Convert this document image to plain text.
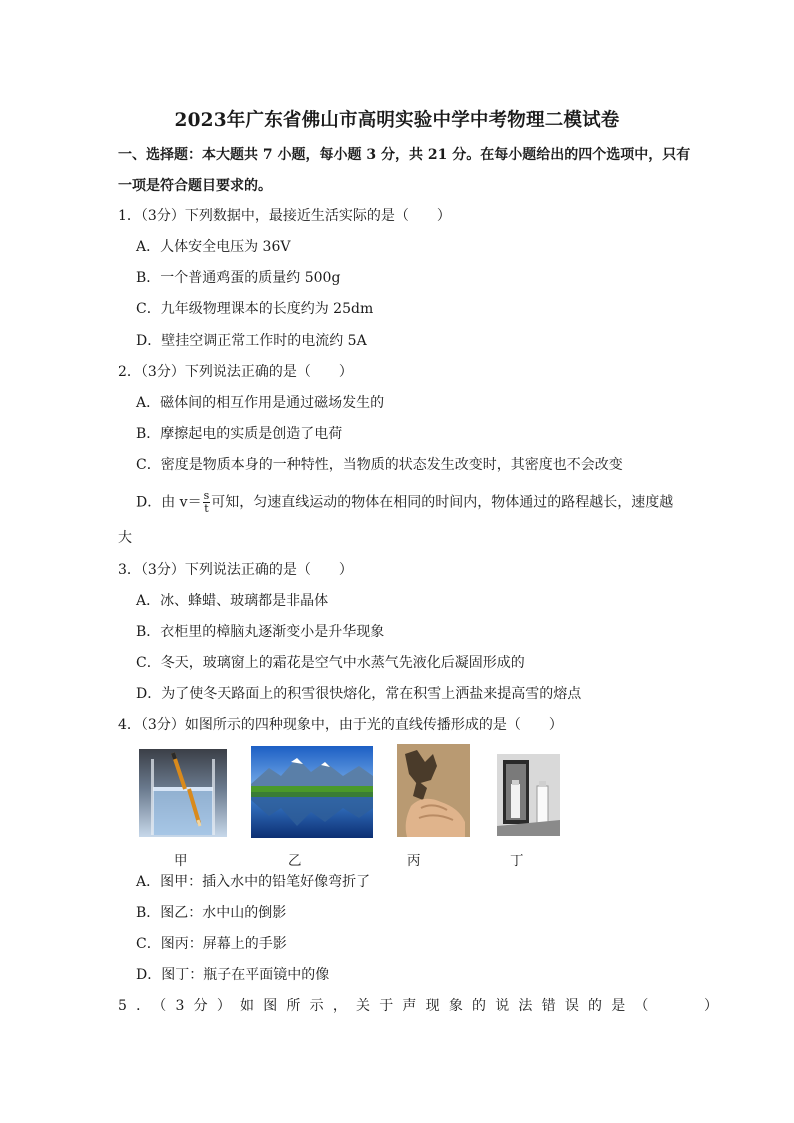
2023年广东省佛山市高明实验中学中考物理二模试卷
一、选择题：本大题共 7 小题，每小题 3 分，共 21 分。在每小题给出的四个选项中，只有
一项是符合题目要求的。
1．（3分）下列数据中，最接近生活实际的是（　　）
A．人体安全电压为 36V
B．一个普通鸡蛋的质量约 500g
C．九年级物理课本的长度约为 25dm
D．壁挂空调正常工作时的电流约 5A
2．（3分）下列说法正确的是（　　）
A．磁体间的相互作用是通过磁场发生的
B．摩擦起电的实质是创造了电荷
C．密度是物质本身的一种特性，当物质的状态发生改变时，其密度也不会改变
D．由 $v= \frac{s}{t}$ 可知，匀速直线运动的物体在相同的时间内，物体通过的路程越长，速度越
大
3．（3分）下列说法正确的是（　　）
A．冰、蜂蜡、玻璃都是非晶体
B．衣柜里的樟脑丸逐渐变小是升华现象
C．冬天，玻璃窗上的霜花是空气中水蒸气先液化后凝固形成的
D．为了使冬天路面上的积雪很快熔化，常在积雪上洒盐来提高雪的熔点
4．（3分）如图所示的四种现象中，由于光的直线传播形成的是（　　）
甲	乙	丙	丁
A．图甲：插入水中的铅笔好像弯折了
B．图乙：水中山的倒影
C．图丙：屏幕上的手影
D．图丁：瓶子在平面镜中的像
5．（3分）如图所示，关于声现象的说法错误的是（　　）
